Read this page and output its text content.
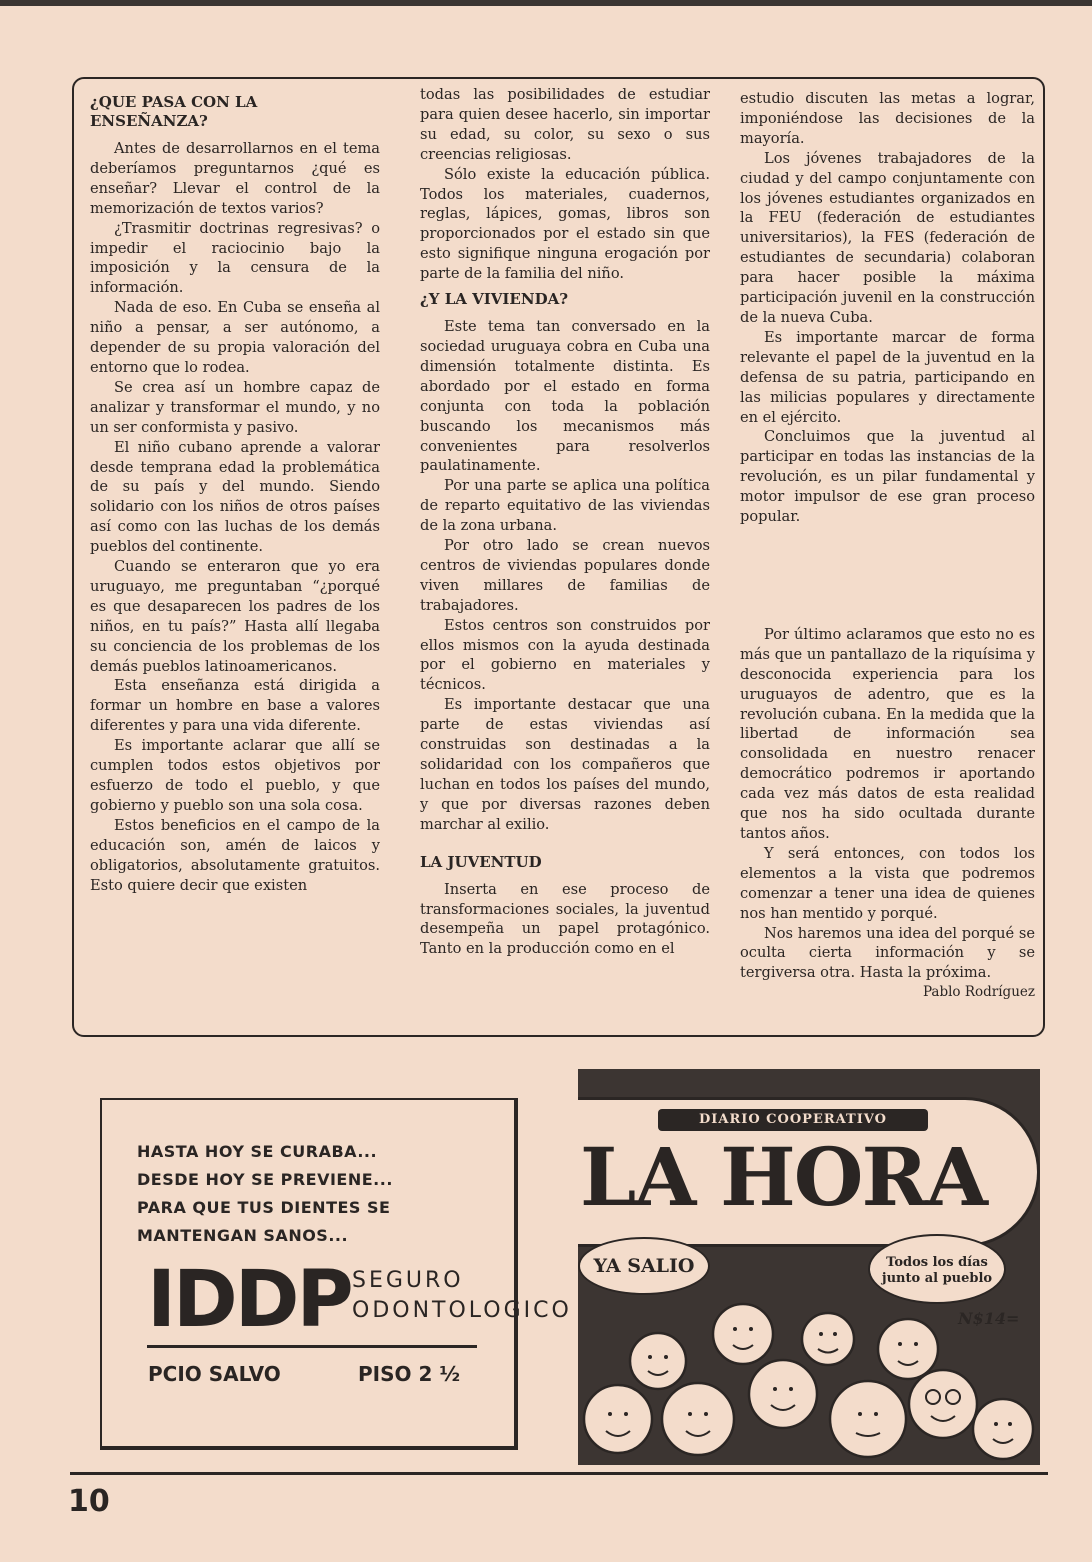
¿QUE PASA CON LA ENSEÑANZA?

Antes de desarrollarnos en el tema deberíamos preguntarnos ¿qué es enseñar? Llevar el control de la memorización de textos varios?

¿Trasmitir doctrinas regresivas? o impedir el raciocinio bajo la imposición y la censura de la información.

Nada de eso. En Cuba se enseña al niño a pensar, a ser autónomo, a depender de su propia valoración del entorno que lo rodea.

Se crea así un hombre capaz de analizar y transformar el mundo, y no un ser conformista y pasivo.

El niño cubano aprende a valorar desde temprana edad la problemática de su país y del mundo. Siendo solidario con los niños de otros países así como con las luchas de los demás pueblos del continente.

Cuando se enteraron que yo era uruguayo, me preguntaban “¿porqué es que desaparecen los padres de los niños, en tu país?” Hasta allí llegaba su conciencia de los problemas de los demás pueblos latinoamericanos.

Esta enseñanza está dirigida a formar un hombre en base a valores diferentes y para una vida diferente.

Es importante aclarar que allí se cumplen todos estos objetivos por esfuerzo de todo el pueblo, y que gobierno y pueblo son una sola cosa.

Estos beneficios en el campo de la educación son, amén de laicos y obligatorios, absolutamente gratuitos. Esto quiere decir que existen

todas las posibilidades de estudiar para quien desee hacerlo, sin importar su edad, su color, su sexo o sus creencias religiosas.

Sólo existe la educación pública. Todos los materiales, cuadernos, reglas, lápices, gomas, libros son proporcionados por el estado sin que esto signifique ninguna erogación por parte de la familia del niño.

¿Y LA VIVIENDA?

Este tema tan conversado en la sociedad uruguaya cobra en Cuba una dimensión totalmente distinta. Es abordado por el estado en forma conjunta con toda la población buscando los mecanismos más convenientes para resolverlos paulatinamente.

Por una parte se aplica una política de reparto equitativo de las viviendas de la zona urbana.

Por otro lado se crean nuevos centros de viviendas populares donde viven millares de familias de trabajadores.

Estos centros son construidos por ellos mismos con la ayuda destinada por el gobierno en materiales y técnicos.

Es importante destacar que una parte de estas viviendas así construidas son destinadas a la solidaridad con los compañeros que luchan en todos los países del mundo, y que por diversas razones deben marchar al exilio.

LA JUVENTUD

Inserta en ese proceso de transformaciones sociales, la juventud desempeña un papel protagónico. Tanto en la producción como en el

estudio discuten las metas a lograr, imponiéndose las decisiones de la mayoría.

Los jóvenes trabajadores de la ciudad y del campo conjuntamente con los jóvenes estudiantes organizados en la FEU (federación de estudiantes universitarios), la FES (federación de estudiantes de secundaria) colaboran para hacer posible la máxima participación juvenil en la construcción de la nueva Cuba.

Es importante marcar de forma relevante el papel de la juventud en la defensa de su patria, participando en las milicias populares y directamente en el ejército.

Concluimos que la juventud al participar en todas las instancias de la revolución, es un pilar fundamental y motor impulsor de ese gran proceso popular.

Por último aclaramos que esto no es más que un pantallazo de la riquísima y desconocida experiencia para los uruguayos de adentro, que es la revolución cubana. En la medida que la libertad de información sea consolidada en nuestro renacer democrático podremos ir aportando cada vez más datos de esta realidad que nos ha sido ocultada durante tantos años.

Y será entonces, con todos los elementos a la vista que podremos comenzar a tener una idea de quienes nos han mentido y porqué.

Nos haremos una idea del porqué se oculta cierta información y se tergiversa otra. Hasta la próxima.

Pablo Rodríguez

HASTA HOY SE CURABA...
DESDE HOY SE PREVIENE...
PARA QUE TUS DIENTES SE
MANTENGAN SANOS...
IDDP SEGURO
ODONTOLOGICO
PCIO SALVO	PISO 2 ½
EN	DIARIO COOPERATIVO
LA HORA
YA SALIO	Todos los días
junto al pueblo
N$14=
10
